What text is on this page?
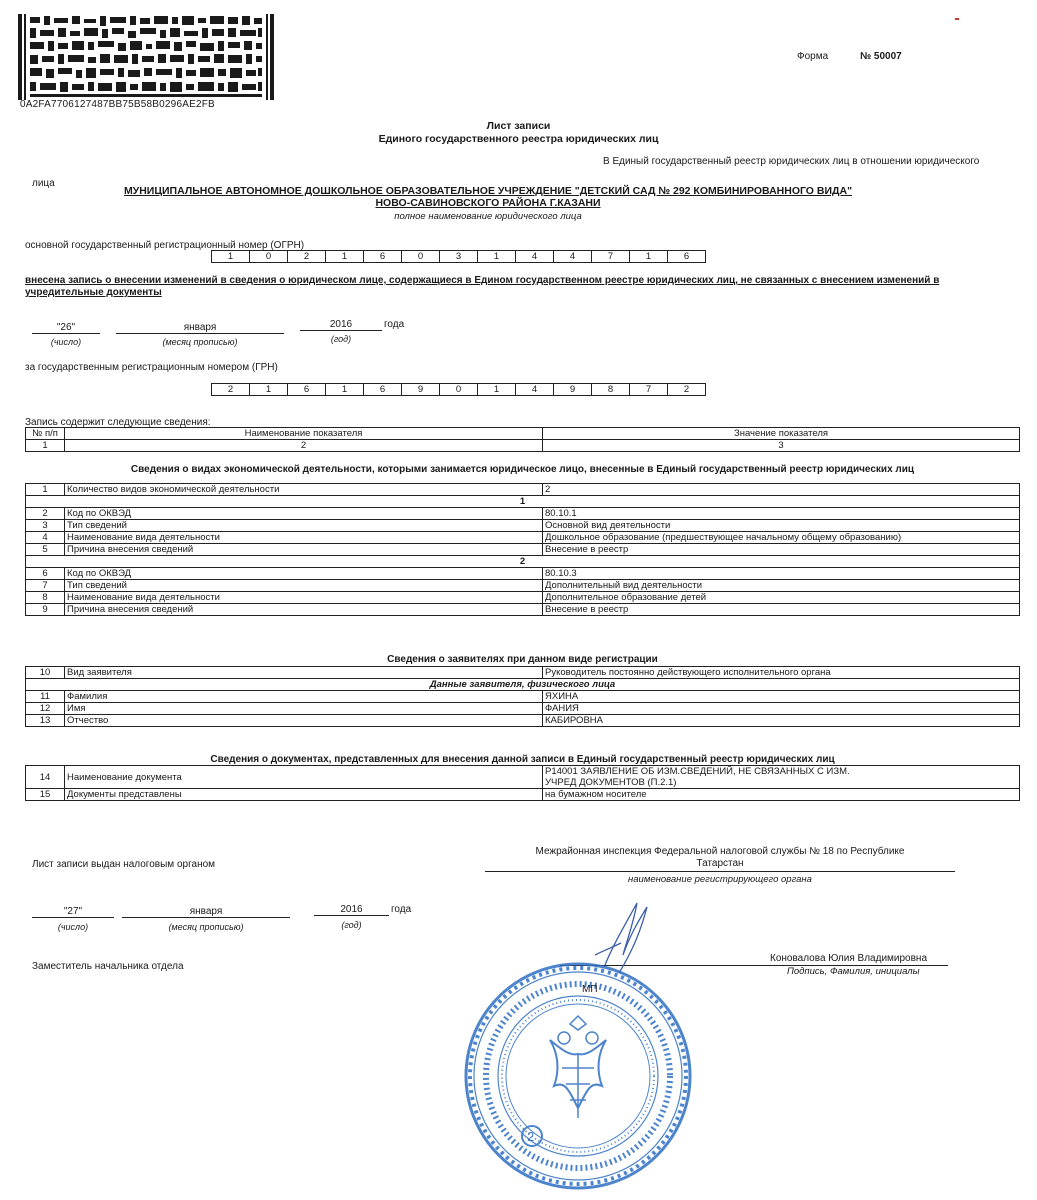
0A2FA7706127487BB75B58B0296AE2FB
Форма	№ 50007
Лист записи
Единого государственного реестра юридических лиц
В Единый государственный реестр юридических лиц в отношении юридического
лица
МУНИЦИПАЛЬНОЕ АВТОНОМНОЕ ДОШКОЛЬНОЕ ОБРАЗОВАТЕЛЬНОЕ УЧРЕЖДЕНИЕ "ДЕТСКИЙ САД № 292 КОМБИНИРОВАННОГО ВИДА"
НОВО-САВИНОВСКОГО РАЙОНА Г.КАЗАНИ
полное наименование юридического лица
основной государственный регистрационный номер (ОГРН)
1	0	2	1	6	0	3	1	4	4	7	1	6
внесена запись о внесении изменений в сведения о юридическом лице, содержащиеся в Едином государственном реестре юридических лиц, не связанных с внесением изменений в учредительные документы
"26"	января	2016	года
(число)	(месяц прописью)	(год)
за государственным регистрационным номером (ГРН)
2	1	6	1	6	9	0	1	4	9	8	7	2
Запись содержит следующие сведения:
№ п/п	Наименование показателя	Значение показателя
1	2	3
Сведения о видах экономической деятельности, которыми занимается юридическое лицо, внесенные в Единый государственный реестр юридических лиц
1	Количество видов экономической деятельности	2
1		
2	Код по ОКВЭД	80.10.1
3	Тип сведений	Основной вид деятельности
4	Наименование вида деятельности	Дошкольное образование (предшествующее начальному общему образованию)
5	Причина внесения сведений	Внесение в реестр
2		
6	Код по ОКВЭД	80.10.3
7	Тип сведений	Дополнительный вид деятельности
8	Наименование вида деятельности	Дополнительное образование детей
9	Причина внесения сведений	Внесение в реестр
Сведения о заявителях при данном виде регистрации
10	Вид заявителя	Руководитель постоянно действующего исполнительного органа
Данные заявителя, физического лица		
11	Фамилия	ЯХИНА
12	Имя	ФАНИЯ
13	Отчество	КАБИРОВНА
Сведения о документах, представленных для внесения данной записи в Единый государственный реестр юридических лиц
14	Наименование документа	Р14001 ЗАЯВЛЕНИЕ ОБ ИЗМ.СВЕДЕНИЙ, НЕ СВЯЗАННЫХ С ИЗМ.
УЧРЕД ДОКУМЕНТОВ (П.2.1)

15	Документы представлены	на бумажном носителе
Лист записи выдан налоговым органом
Межрайонная инспекция Федеральной налоговой службы № 18 по Республике
Татарстан
наименование регистрирующего органа
"27"	января	2016	года
(число)	(месяц прописью)	(год)
Заместитель начальника отдела
Коновалова Юлия Владимировна
Подпись, Фамилия, инициалы
2
МП
